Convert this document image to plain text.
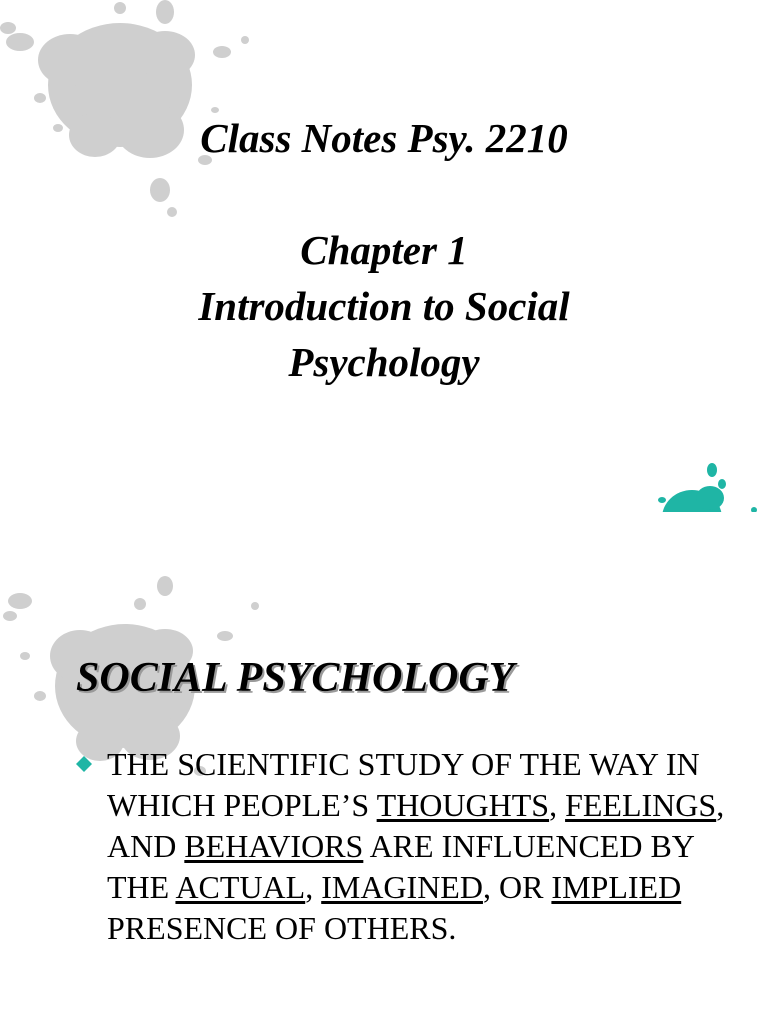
Class Notes Psy. 2210
Chapter 1
Introduction to Social
Psychology
SOCIAL PSYCHOLOGY
THE SCIENTIFIC STUDY OF THE WAY IN WHICH PEOPLE’S THOUGHTS, FEELINGS, AND BEHAVIORS ARE INFLUENCED BY THE ACTUAL, IMAGINED, OR IMPLIED PRESENCE OF OTHERS.
